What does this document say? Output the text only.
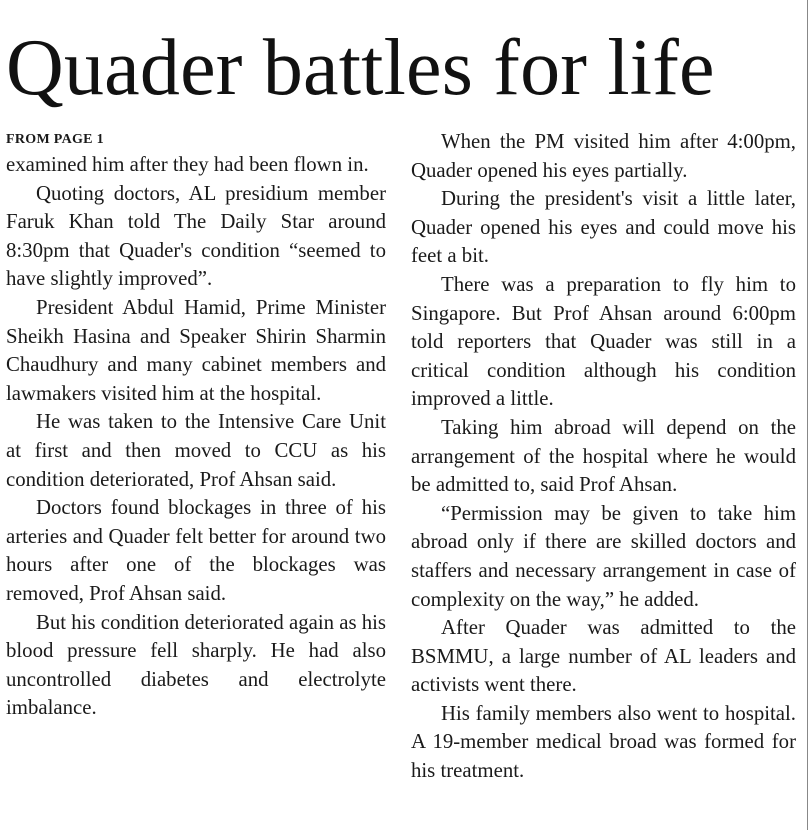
Quader battles for life
FROM PAGE 1

examined him after they had been flown in.

Quoting doctors, AL presidium member Faruk Khan told The Daily Star around 8:30pm that Quader's condition “seemed to have slightly improved”.

President Abdul Hamid, Prime Minister Sheikh Hasina and Speaker Shirin Sharmin Chaudhury and many cabinet members and lawmakers visited him at the hospital.

He was taken to the Intensive Care Unit at first and then moved to CCU as his condition deteriorated, Prof Ahsan said.

Doctors found blockages in three of his arteries and Quader felt better for around two hours after one of the blockages was removed, Prof Ahsan said.

But his condition deteriorated again as his blood pressure fell sharply. He had also uncontrolled diabetes and electrolyte imbalance.

When the PM visited him after 4:00pm, Quader opened his eyes partially.

During the president's visit a little later, Quader opened his eyes and could move his feet a bit.

There was a preparation to fly him to Singapore. But Prof Ahsan around 6:00pm told reporters that Quader was still in a critical condition although his condition improved a little.

Taking him abroad will depend on the arrangement of the hospital where he would be admitted to, said Prof Ahsan.

“Permission may be given to take him abroad only if there are skilled doctors and staffers and necessary arrangement in case of complexity on the way,” he added.

After Quader was admitted to the BSMMU, a large number of AL leaders and activists went there.

His family members also went to hospital. A 19-member medical broad was formed for his treatment.
